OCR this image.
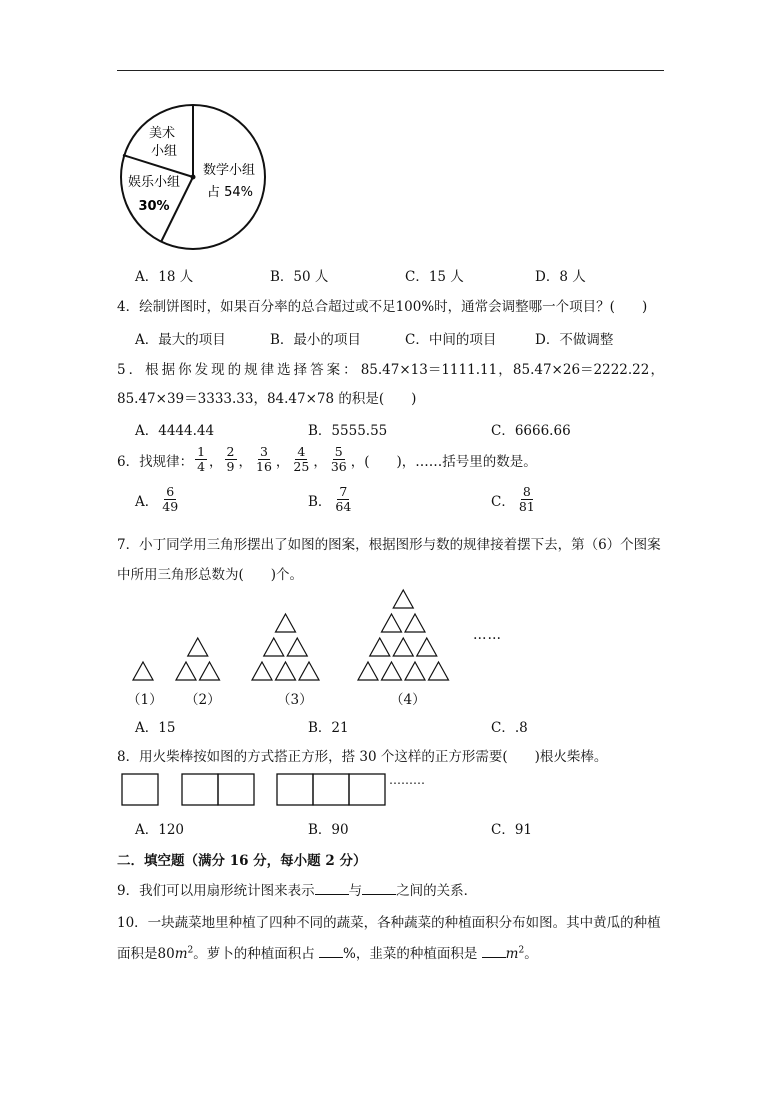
美术
小组
娱乐小组
30%
数学小组
占 54%
A．18 人	B．50 人	C．15 人	D．8 人
4．绘制饼图时，如果百分率的总合超过或不足100%时，通常会调整哪一个项目？(　　)
A．最大的项目	B．最小的项目	C．中间的项目	D．不做调整
5．根据你发现的规律选择答案： 85.47×13＝1111.11 ， 85.47×26＝2222.22 ，
85.47×39＝3333.33，84.47×78 的积是(　　)
A．4444.44	B．5555.55	C．6666.66
6．找规律： $\frac{1}{4}$ ， $\frac{2}{9}$ ， $\frac{3}{16}$ ， $\frac{4}{25}$ ， $\frac{5}{36}$ ，(　　)，……括号里的数是。
A． $\frac{6}{49}$	B． $\frac{7}{64}$	C． $\frac{8}{81}$
7．小丁同学用三角形摆出了如图的图案，根据图形与数的规律接着摆下去，第（6）个图案
中所用三角形总数为(　　)个。
（1） （2）	（3）	（4）
……
A．15	B．21	C．.8
8．用火柴棒按如图的方式搭正方形，搭 30 个这样的正方形需要(　　)根火柴棒。
………
A．120	B．90	C．91
二．填空题（满分 16 分，每小题 2 分）
9．我们可以用扇形统计图来表示	与	之间的关系．
10．一块蔬菜地里种植了四种不同的蔬菜，各种蔬菜的种植面积分布如图。其中黄瓜的种植
面积是$80m^2$。萝卜的种植面积占 %，韭菜的种植面积是 $m^2$。
